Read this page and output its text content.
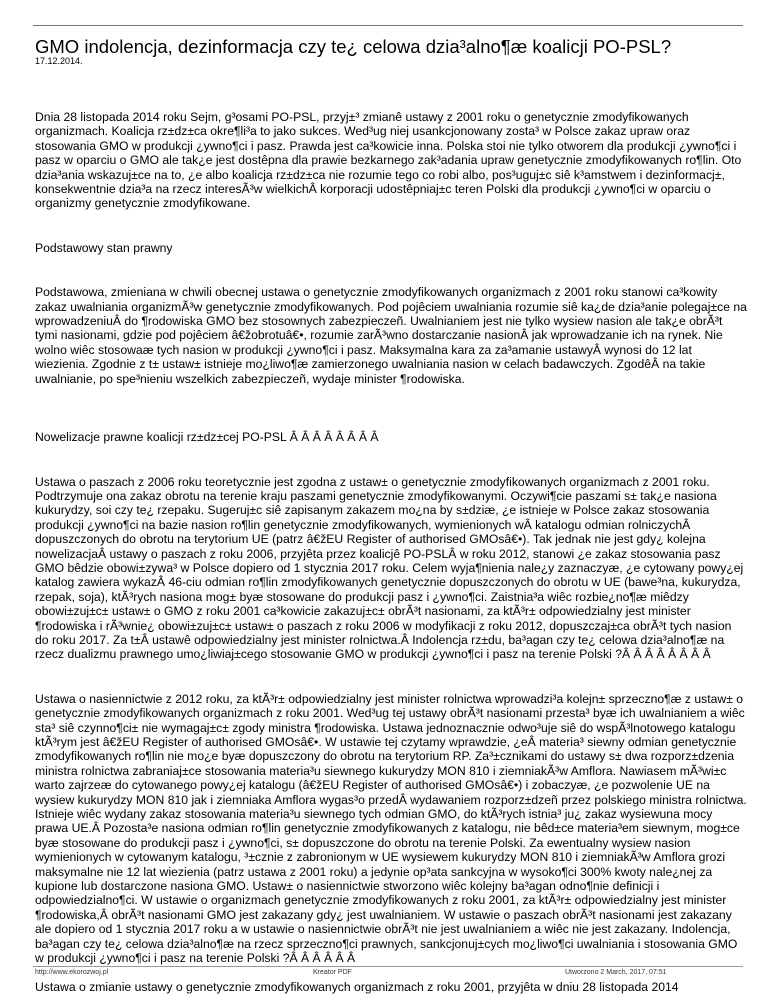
GMO indolencja, dezinformacja czy te¿ celowa dzia³alno¶æ koalicji PO-PSL?
17.12.2014.

Dnia 28 listopada 2014 roku Sejm, g³osami PO-PSL, przyj±³ zmianê ustawy z 2001 roku o genetycznie zmodyfikowanych organizmach. Koalicja rz±dz±ca okre¶li³a to jako sukces. Wed³ug niej usankcjonowany zosta³ w Polsce zakaz upraw oraz stosowania GMO w produkcji ¿ywno¶ci i pasz. Prawda jest ca³kowicie inna. Polska stoi nie tylko otworem dla produkcji ¿ywno¶ci i pasz w oparciu o GMO ale tak¿e jest dostêpna dla prawie bezkarnego zak³adania upraw genetycznie zmodyfikowanych ro¶lin. Oto dzia³ania wskazuj±ce na to, ¿e albo koalicja rz±dz±ca nie rozumie tego co robi albo, pos³uguj±c siê k³amstwem i dezinformacj±, konsekwentnie dzia³a na rzecz interesÃ³w wielkichÂ korporacji udostêpniaj±c teren Polski dla produkcji ¿ywno¶ci w oparciu o organizmy genetycznie zmodyfikowane.

Podstawowy stan prawny

Podstawowa, zmieniana w chwili obecnej ustawa o genetycznie zmodyfikowanych organizmach z 2001 roku stanowi ca³kowity zakaz uwalniania organizmÃ³w genetycznie zmodyfikowanych. Pod pojêciem uwalniania rozumie siê ka¿de dzia³anie polegaj±ce na wprowadzeniuÂ do ¶rodowiska GMO bez stosownych zabezpieczeñ. Uwalnianiem jest nie tylko wysiew nasion ale tak¿e obrÃ³t tymi nasionami, gdzie pod pojêciem â€žobrotuâ€•, rozumie zarÃ³wno dostarczanie nasionÂ jak wprowadzanie ich na rynek. Nie wolno wiêc stosowaæ tych nasion w produkcji ¿ywno¶ci i pasz. Maksymalna kara za za³amanie ustawyÂ wynosi do 12 lat wiezienia. Zgodnie z t± ustaw± istnieje mo¿liwo¶æ zamierzonego uwalniania nasion w celach badawczych. ZgodêÂ na takie uwalnianie, po spe³nieniu wszelkich zabezpieczeñ, wydaje minister ¶rodowiska.

Nowelizacje prawne koalicji rz±dz±cej PO-PSL Â Â Â Â Â Â Â Â

Ustawa o paszach z 2006 roku teoretycznie jest zgodna z ustaw± o genetycznie zmodyfikowanych organizmach z 2001 roku. Podtrzymuje ona zakaz obrotu na terenie kraju paszami genetycznie zmodyfikowanymi. Oczywi¶cie paszami s± tak¿e nasiona kukurydzy, soi czy te¿ rzepaku. Sugeruj±c siê zapisanym zakazem mo¿na by s±dziæ, ¿e istnieje w Polsce zakaz stosowania produkcji ¿ywno¶ci na bazie nasion ro¶lin genetycznie zmodyfikowanych, wymienionych wÂ katalogu odmian rolniczychÂ dopuszczonych do obrotu na terytorium UE (patrz â€žEU Register of authorised GMOsâ€•). Tak jednak nie jest gdy¿ kolejna nowelizacjaÂ ustawy o paszach z roku 2006, przyjêta przez koalicjê PO-PSLÂ w roku 2012, stanowi ¿e zakaz stosowania pasz GMO bêdzie obowi±zywa³ w Polsce dopiero od 1 stycznia 2017 roku. Celem wyja¶nienia nale¿y zaznaczyæ, ¿e cytowany powy¿ej katalog zawiera wykazÂ 46-ciu odmian ro¶lin zmodyfikowanych genetycznie dopuszczonych do obrotu w UE (bawe³na, kukurydza, rzepak, soja), ktÃ³rych nasiona mog± byæ stosowane do produkcji pasz i ¿ywno¶ci. Zaistnia³a wiêc rozbie¿no¶æ miêdzy obowi±zuj±c± ustaw± o GMO z roku 2001 ca³kowicie zakazuj±c± obrÃ³t nasionami, za ktÃ³r± odpowiedzialny jest minister ¶rodowiska i rÃ³wnie¿ obowi±zuj±c± ustaw± o paszach z roku 2006 w modyfikacji z roku 2012, dopuszczaj±ca obrÃ³t tych nasion do roku 2017. Za t±Â ustawê odpowiedzialny jest minister rolnictwa.Â Indolencja rz±du, ba³agan czy te¿ celowa dzia³alno¶æ na rzecz dualizmu prawnego umo¿liwiaj±cego stosowanie GMO w produkcji ¿ywno¶ci i pasz na terenie Polski ?Â Â Â Â Â Â Â Â

Ustawa o nasiennictwie z 2012 roku, za ktÃ³r± odpowiedzialny jest minister rolnictwa wprowadzi³a kolejn± sprzeczno¶æ z ustaw± o genetycznie zmodyfikowanych organizmach z roku 2001. Wed³ug tej ustawy obrÃ³t nasionami przesta³ byæ ich uwalnianiem a wiêc sta³ siê czynno¶ci± nie wymagaj±c± zgody ministra ¶rodowiska. Ustawa jednoznacznie odwo³uje siê do wspÃ³lnotowego katalogu ktÃ³rym jest â€žEU Register of authorised GMOsâ€•. W ustawie tej czytamy wprawdzie, ¿eÂ materia³ siewny odmian genetycznie zmodyfikowanych ro¶lin nie mo¿e byæ dopuszczony do obrotu na terytorium RP. Za³±cznikami do ustawy s± dwa rozporz±dzenia ministra rolnictwa zabraniaj±ce stosowania materia³u siewnego kukurydzy MON 810 i ziemniakÃ³w Amflora. Nawiasem mÃ³wi±c warto zajrzeæ do cytowanego powy¿ej katalogu (â€žEU Register of authorised GMOsâ€•) i zobaczyæ, ¿e pozwolenie UE na wysiew kukurydzy MON 810 jak i ziemniaka Amflora wygas³o przedÂ wydawaniem rozporz±dzeñ przez polskiego ministra rolnictwa. Istnieje wiêc wydany zakaz stosowania materia³u siewnego tych odmian GMO, do ktÃ³rych istnia³ ju¿ zakaz wysiewuna mocy prawa UE.Â Pozosta³e nasiona odmian ro¶lin genetycznie zmodyfikowanych z katalogu, nie bêd±ce materia³em siewnym, mog±ce byæ stosowane do produkcji pasz i ¿ywno¶ci, s± dopuszczone do obrotu na terenie Polski. Za ewentualny wysiew nasion wymienionych w cytowanym katalogu, ³±cznie z zabronionym w UE wysiewem kukurydzy MON 810 i ziemniakÃ³w Amflora grozi maksymalne nie 12 lat wiezienia (patrz ustawa z 2001 roku) a jedynie op³ata sankcyjna w wysoko¶ci 300% kwoty nale¿nej za kupione lub dostarczone nasiona GMO. Ustaw± o nasiennictwie stworzono wiêc kolejny ba³agan odno¶nie definicji i odpowiedzialno¶ci. W ustawie o organizmach genetycznie zmodyfikowanych z roku 2001, za ktÃ³r± odpowiedzialny jest minister ¶rodowiska,Â obrÃ³t nasionami GMO jest zakazany gdy¿ jest uwalnianiem. W ustawie o paszach obrÃ³t nasionami jest zakazany ale dopiero od 1 stycznia 2017 roku a w ustawie o nasiennictwie obrÃ³t nie jest uwalnianiem a wiêc nie jest zakazany. Indolencja, ba³agan czy te¿ celowa dzia³alno¶æ na rzecz sprzeczno¶ci prawnych, sankcjonuj±cych mo¿liwo¶ci uwalniania i stosowania GMO w produkcji ¿ywno¶ci i pasz na terenie Polski ?Â Â Â Â Â Â

Ustawa o zmianie ustawy o genetycznie zmodyfikowanych organizmach z roku 2001, przyjêta w dniu 28 listopada 2014

http://www.ekorozwoj.pl	Kreator PDF	Utworzono 2 March, 2017, 07:51
